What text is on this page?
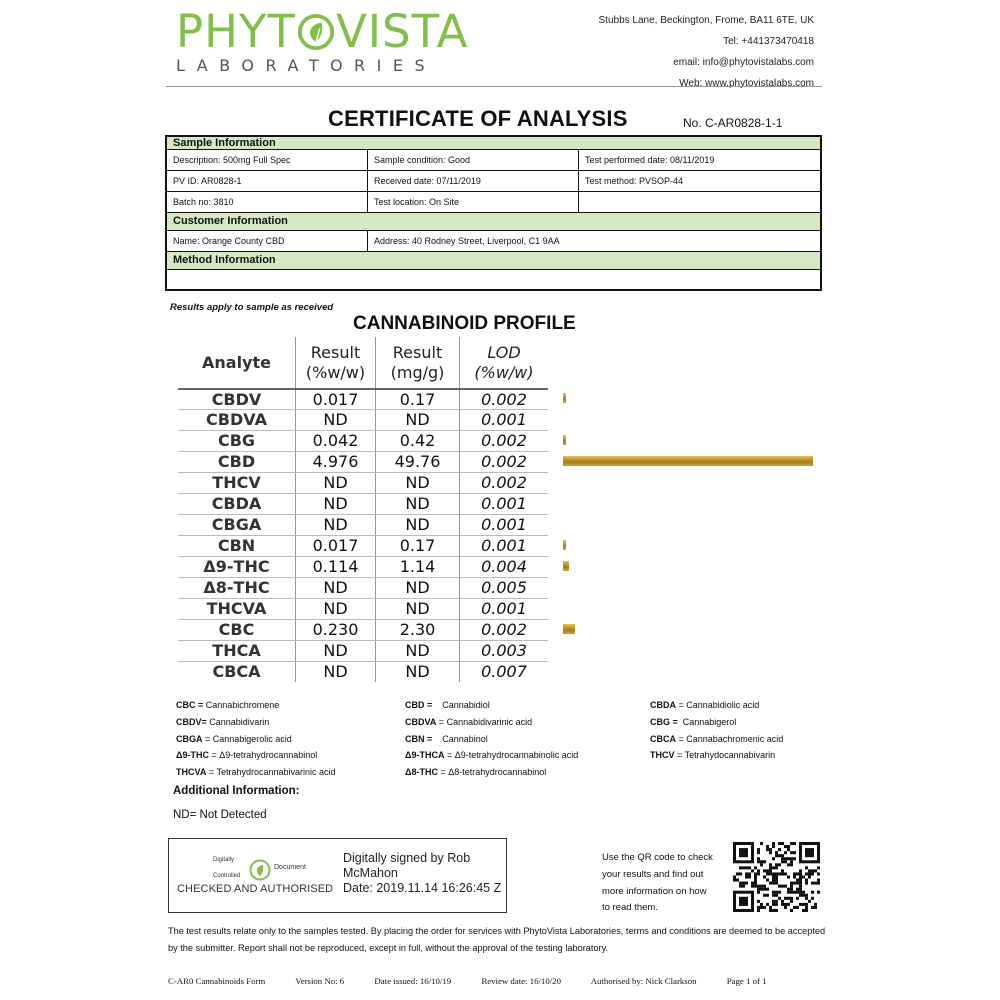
PHYT VISTA
LABORATORIES
Stubbs Lane, Beckington, Frome, BA11 6TE, UK
Tel: +441373470418
email: info@phytovistalabs.com
Web: www.phytovistalabs.com
CERTIFICATE OF ANALYSIS	No. C-AR0828-1-1
Sample Information
Description: 500mg Full Spec	Sample condition: Good	Test performed date: 08/11/2019
PV ID: AR0828-1	Received date: 07/11/2019	Test method: PVSOP-44
Batch no: 3810	Test location: On Site
Customer Information
Name: Orange County CBD	Address: 40 Rodney Street, Liverpool, C1 9AA
Method Information
Results apply to sample as received
CANNABINOID PROFILE
Analyte
Result
(%w/w)
Result
(mg/g)
LOD
(%w/w)
CBDV	0.017	0.17	0.002
CBDVA	ND	ND	0.001
CBG	0.042	0.42	0.002
CBD	4.976	49.76	0.002
THCV	ND	ND	0.002
CBDA	ND	ND	0.001
CBGA	ND	ND	0.001
CBN	0.017	0.17	0.001
Δ9-THC	0.114	1.14	0.004
Δ8-THC	ND	ND	0.005
THCVA	ND	ND	0.001
CBC	0.230	2.30	0.002
THCA	ND	ND	0.003
CBCA	ND	ND	0.007
CBC = Cannabichromene
CBDV= Cannabidivarin
CBGA = Cannabigerolic acid
Δ9-THC = Δ9-tetrahydrocannabinol
THCVA = Tetrahydrocannabivarinic acid
CBD =    Cannabidiol
CBDVA = Cannabidivarinic acid
CBN =    Cannabinol
Δ9-THCA = Δ9-tetrahydrocannabinolic acid
Δ8-THC = Δ8-tetrahydrocannabinol
CBDA = Cannabidiolic acid
CBG =  Cannabigerol
CBCA = Cannabachromenic acid
THCV = Tetrahydocannabivarin
Additional Information:
ND= Not Detected
Digitally
Controlled
Document
CHECKED AND AUTHORISED
Digitally signed by Rob
McMahon
Date: 2019.11.14 16:26:45 Z
Use the QR code to check
your results and find out
more information on how
to read them.
The test results relate only to the samples tested. By placing the order for services with PhytoVista Laboratories, terms and conditions are deemed to be accepted by the submitter. Report shall not be reproduced, except in full, without the approval of the testing laboratory.
C-AR0 Cannabinoids Form	Version No: 6	Date issued: 16/10/19	Review date: 16/10/20	Authorised by: Nick Clarkson	Page 1 of 1
